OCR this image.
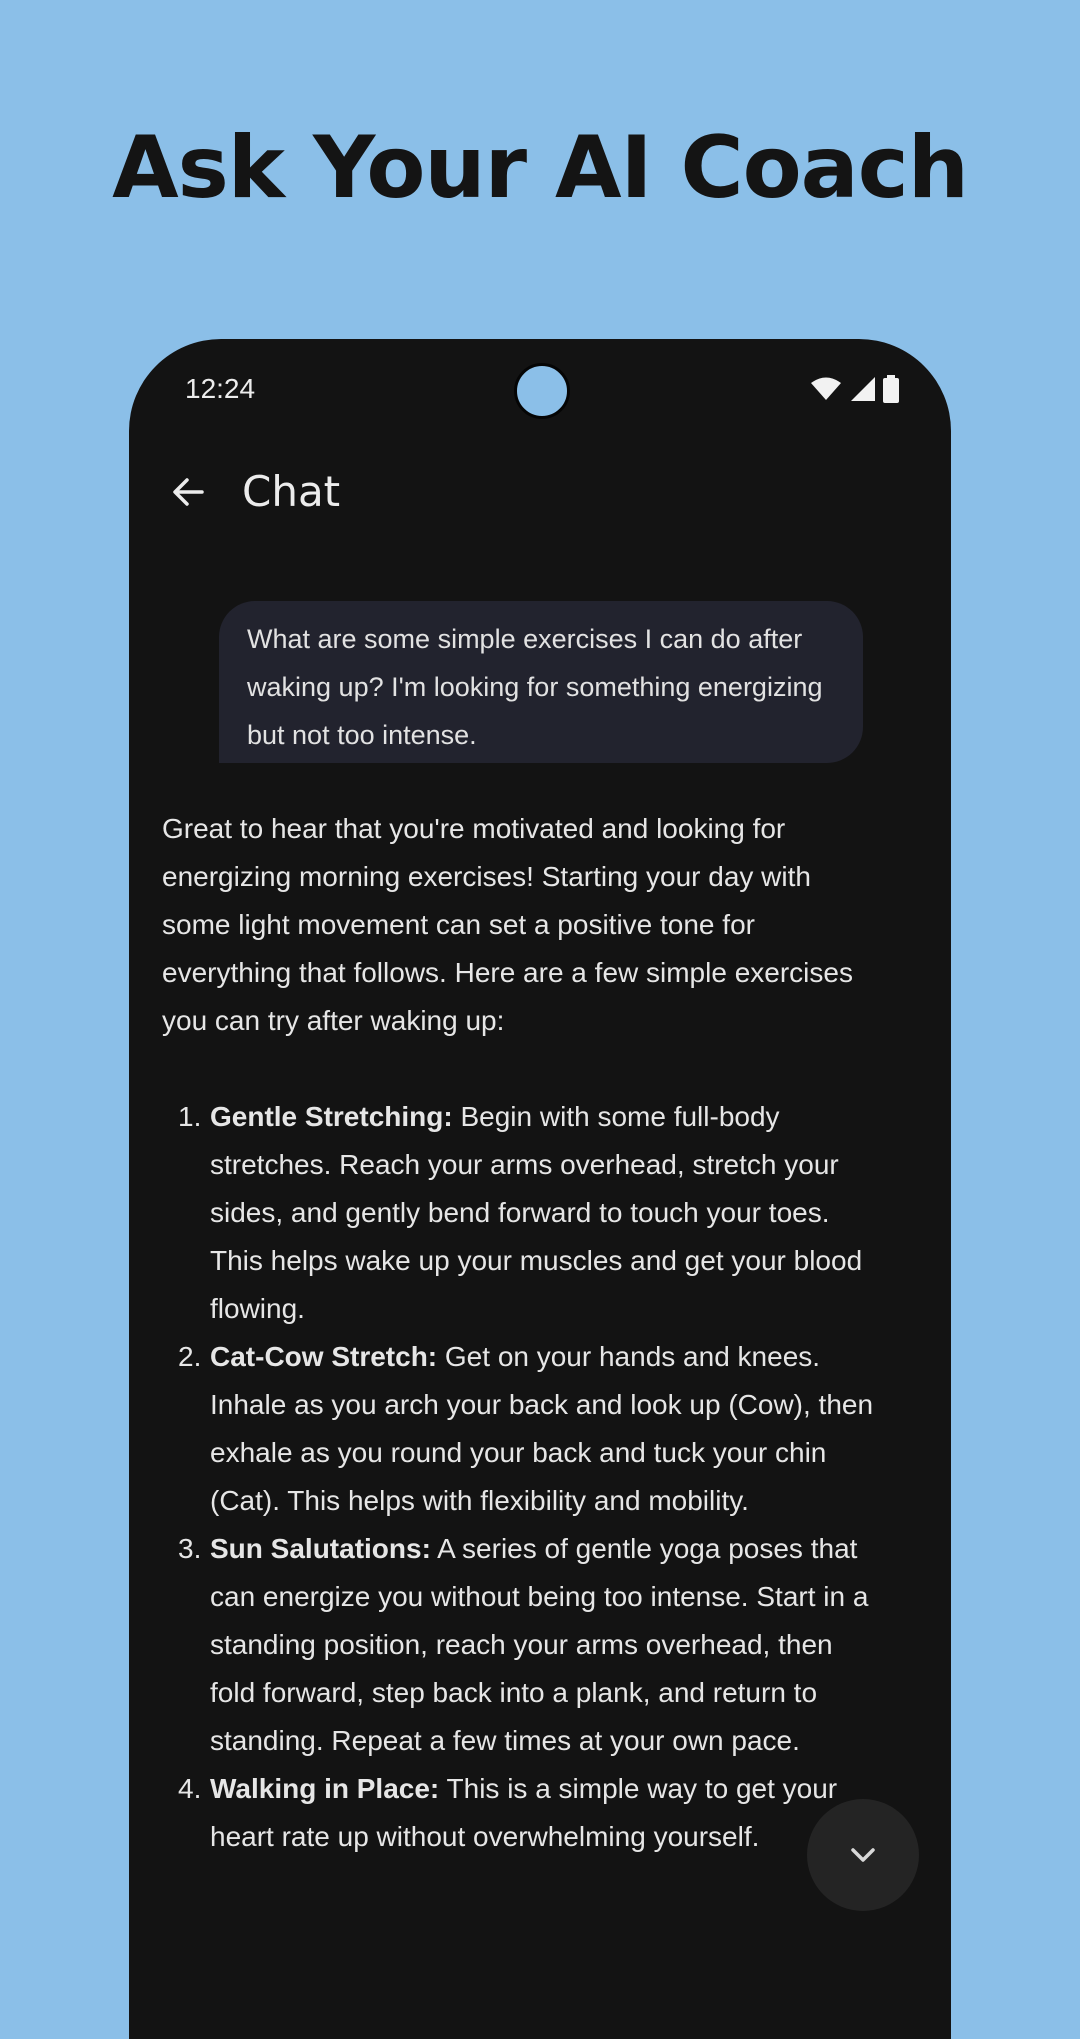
Ask Your AI Coach
12:24
Chat
What are some simple exercises I can do after waking up? I'm looking for something energizing but not too intense.

Great to hear that you're motivated and looking for energizing morning exercises! Starting your day with some light movement can set a positive tone for everything that follows. Here are a few simple exercises you can try after waking up:

1. Gentle Stretching: Begin with some full-body stretches. Reach your arms overhead, stretch your sides, and gently bend forward to touch your toes. This helps wake up your muscles and get your blood flowing.
2. Cat-Cow Stretch: Get on your hands and knees. Inhale as you arch your back and look up (Cow), then exhale as you round your back and tuck your chin (Cat). This helps with flexibility and mobility.
3. Sun Salutations: A series of gentle yoga poses that can energize you without being too intense. Start in a standing position, reach your arms overhead, then fold forward, step back into a plank, and return to standing. Repeat a few times at your own pace.
4. Walking in Place: This is a simple way to get your heart rate up without overwhelming yourself.
